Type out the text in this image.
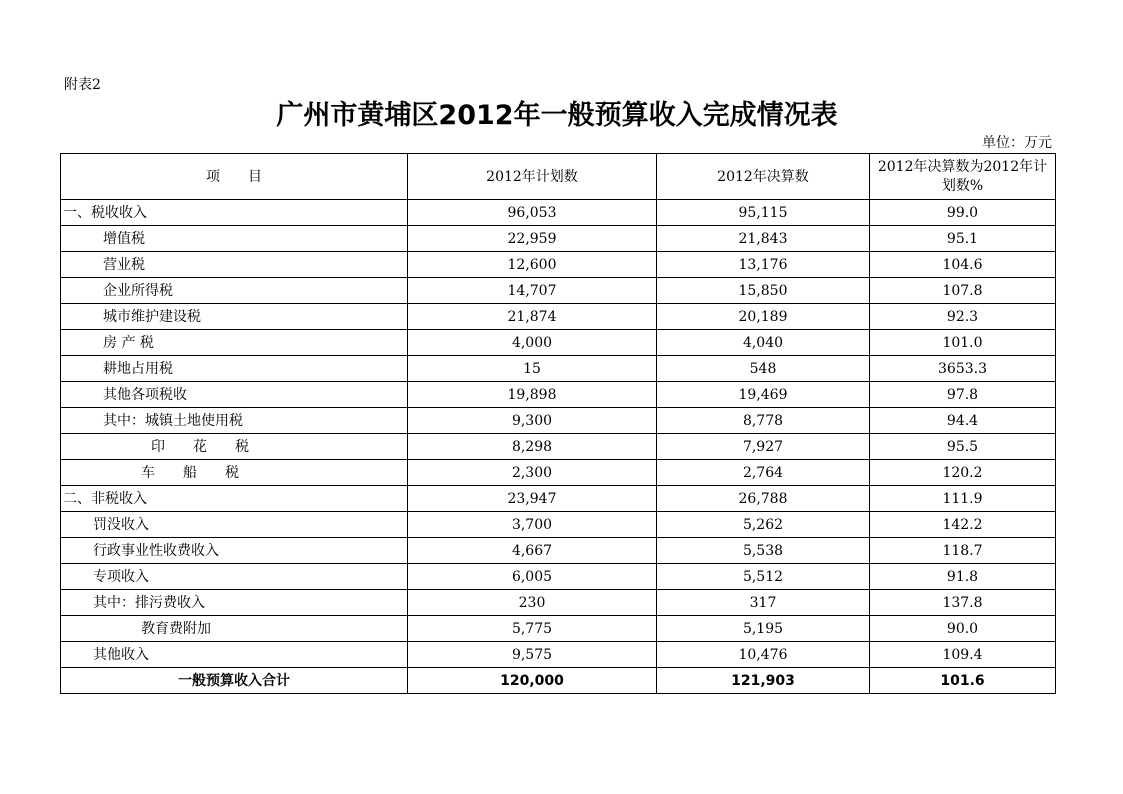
附表2
广州市黄埔区2012年一般预算收入完成情况表
单位：万元
项　　目	2012年计划数	2012年决算数	2012年决算数为2012年计划数%
一、税收收入	96,053	95,115	99.0
增值税	22,959	21,843	95.1
营业税	12,600	13,176	104.6
企业所得税	14,707	15,850	107.8
城市维护建设税	21,874	20,189	92.3
房 产 税	4,000	4,040	101.0
耕地占用税	15	548	3653.3
其他各项税收	19,898	19,469	97.8
其中：城镇土地使用税	9,300	8,778	94.4
印　　花　　税	8,298	7,927	95.5
车　　船　　税	2,300	2,764	120.2
二、非税收入	23,947	26,788	111.9
罚没收入	3,700	5,262	142.2
行政事业性收费收入	4,667	5,538	118.7
专项收入	6,005	5,512	91.8
其中：排污费收入	230	317	137.8
教育费附加	5,775	5,195	90.0
其他收入	9,575	10,476	109.4
一般预算收入合计	120,000	121,903	101.6
